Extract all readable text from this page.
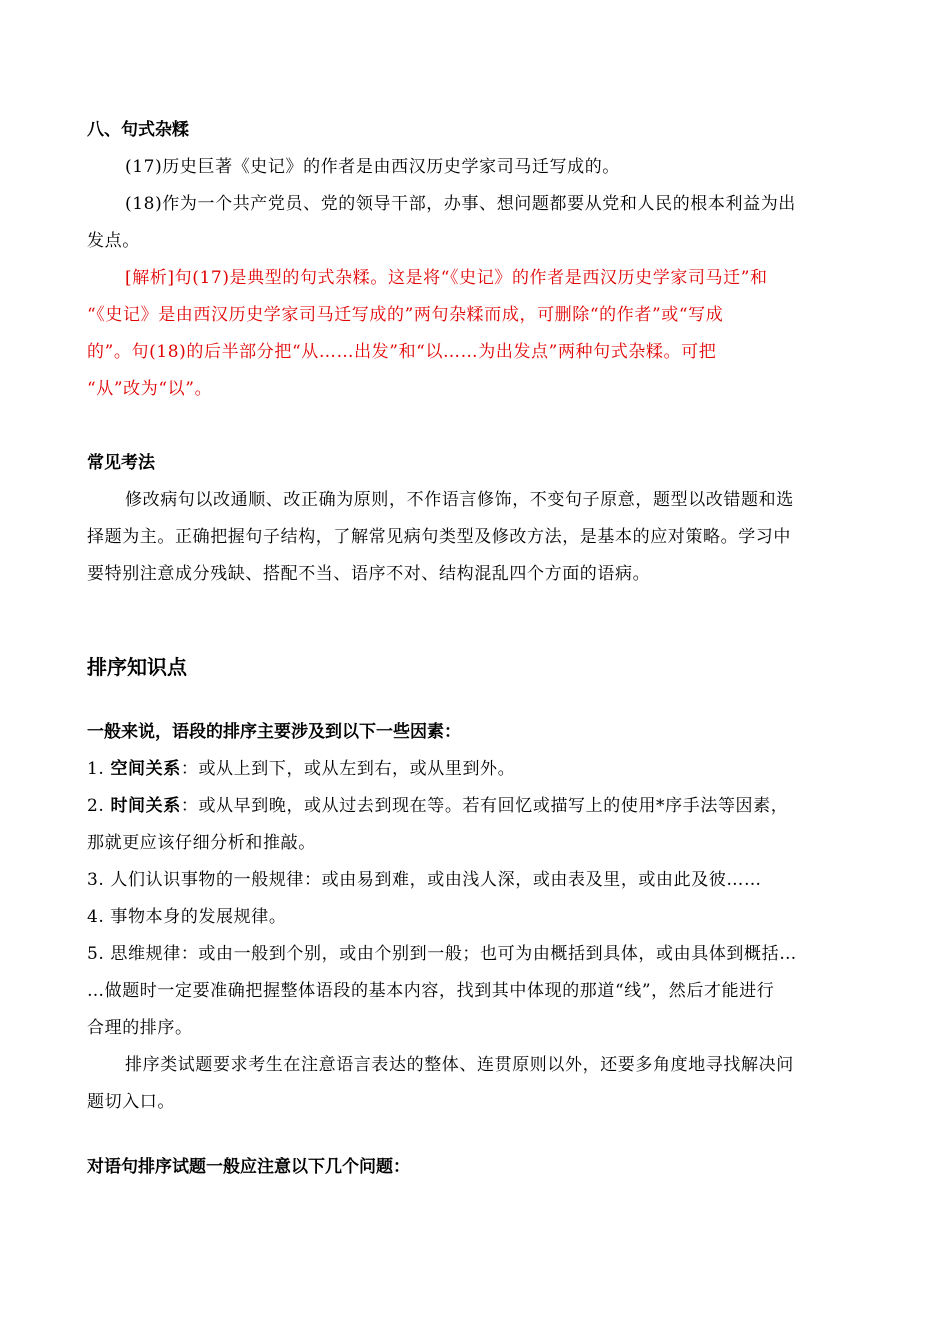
八、句式杂糅
(17)历史巨著《史记》的作者是由西汉历史学家司马迁写成的。
(18)作为一个共产党员、党的领导干部，办事、想问题都要从党和人民的根本利益为出
发点。
[解析]句(17)是典型的句式杂糅。这是将“《史记》的作者是西汉历史学家司马迁”和
“《史记》是由西汉历史学家司马迁写成的”两句杂糅而成，可删除“的作者”或“写成
的”。句(18)的后半部分把“从……出发”和“以……为出发点”两种句式杂糅。可把
“从”改为“以”。
常见考法
修改病句以改通顺、改正确为原则，不作语言修饰，不变句子原意，题型以改错题和选
择题为主。正确把握句子结构，了解常见病句类型及修改方法，是基本的应对策略。学习中
要特别注意成分残缺、搭配不当、语序不对、结构混乱四个方面的语病。
排序知识点
一般来说，语段的排序主要涉及到以下一些因素：
1. 空间关系：或从上到下，或从左到右，或从里到外。
2. 时间关系：或从早到晚，或从过去到现在等。若有回忆或描写上的使用*序手法等因素，
那就更应该仔细分析和推敲。
3. 人们认识事物的一般规律：或由易到难，或由浅人深，或由表及里，或由此及彼……
4. 事物本身的发展规律。
5. 思维规律：或由一般到个别，或由个别到一般；也可为由概括到具体，或由具体到概括…
…做题时一定要准确把握整体语段的基本内容，找到其中体现的那道“线”，然后才能进行
合理的排序。
排序类试题要求考生在注意语言表达的整体、连贯原则以外，还要多角度地寻找解决问
题切入口。
对语句排序试题一般应注意以下几个问题：
